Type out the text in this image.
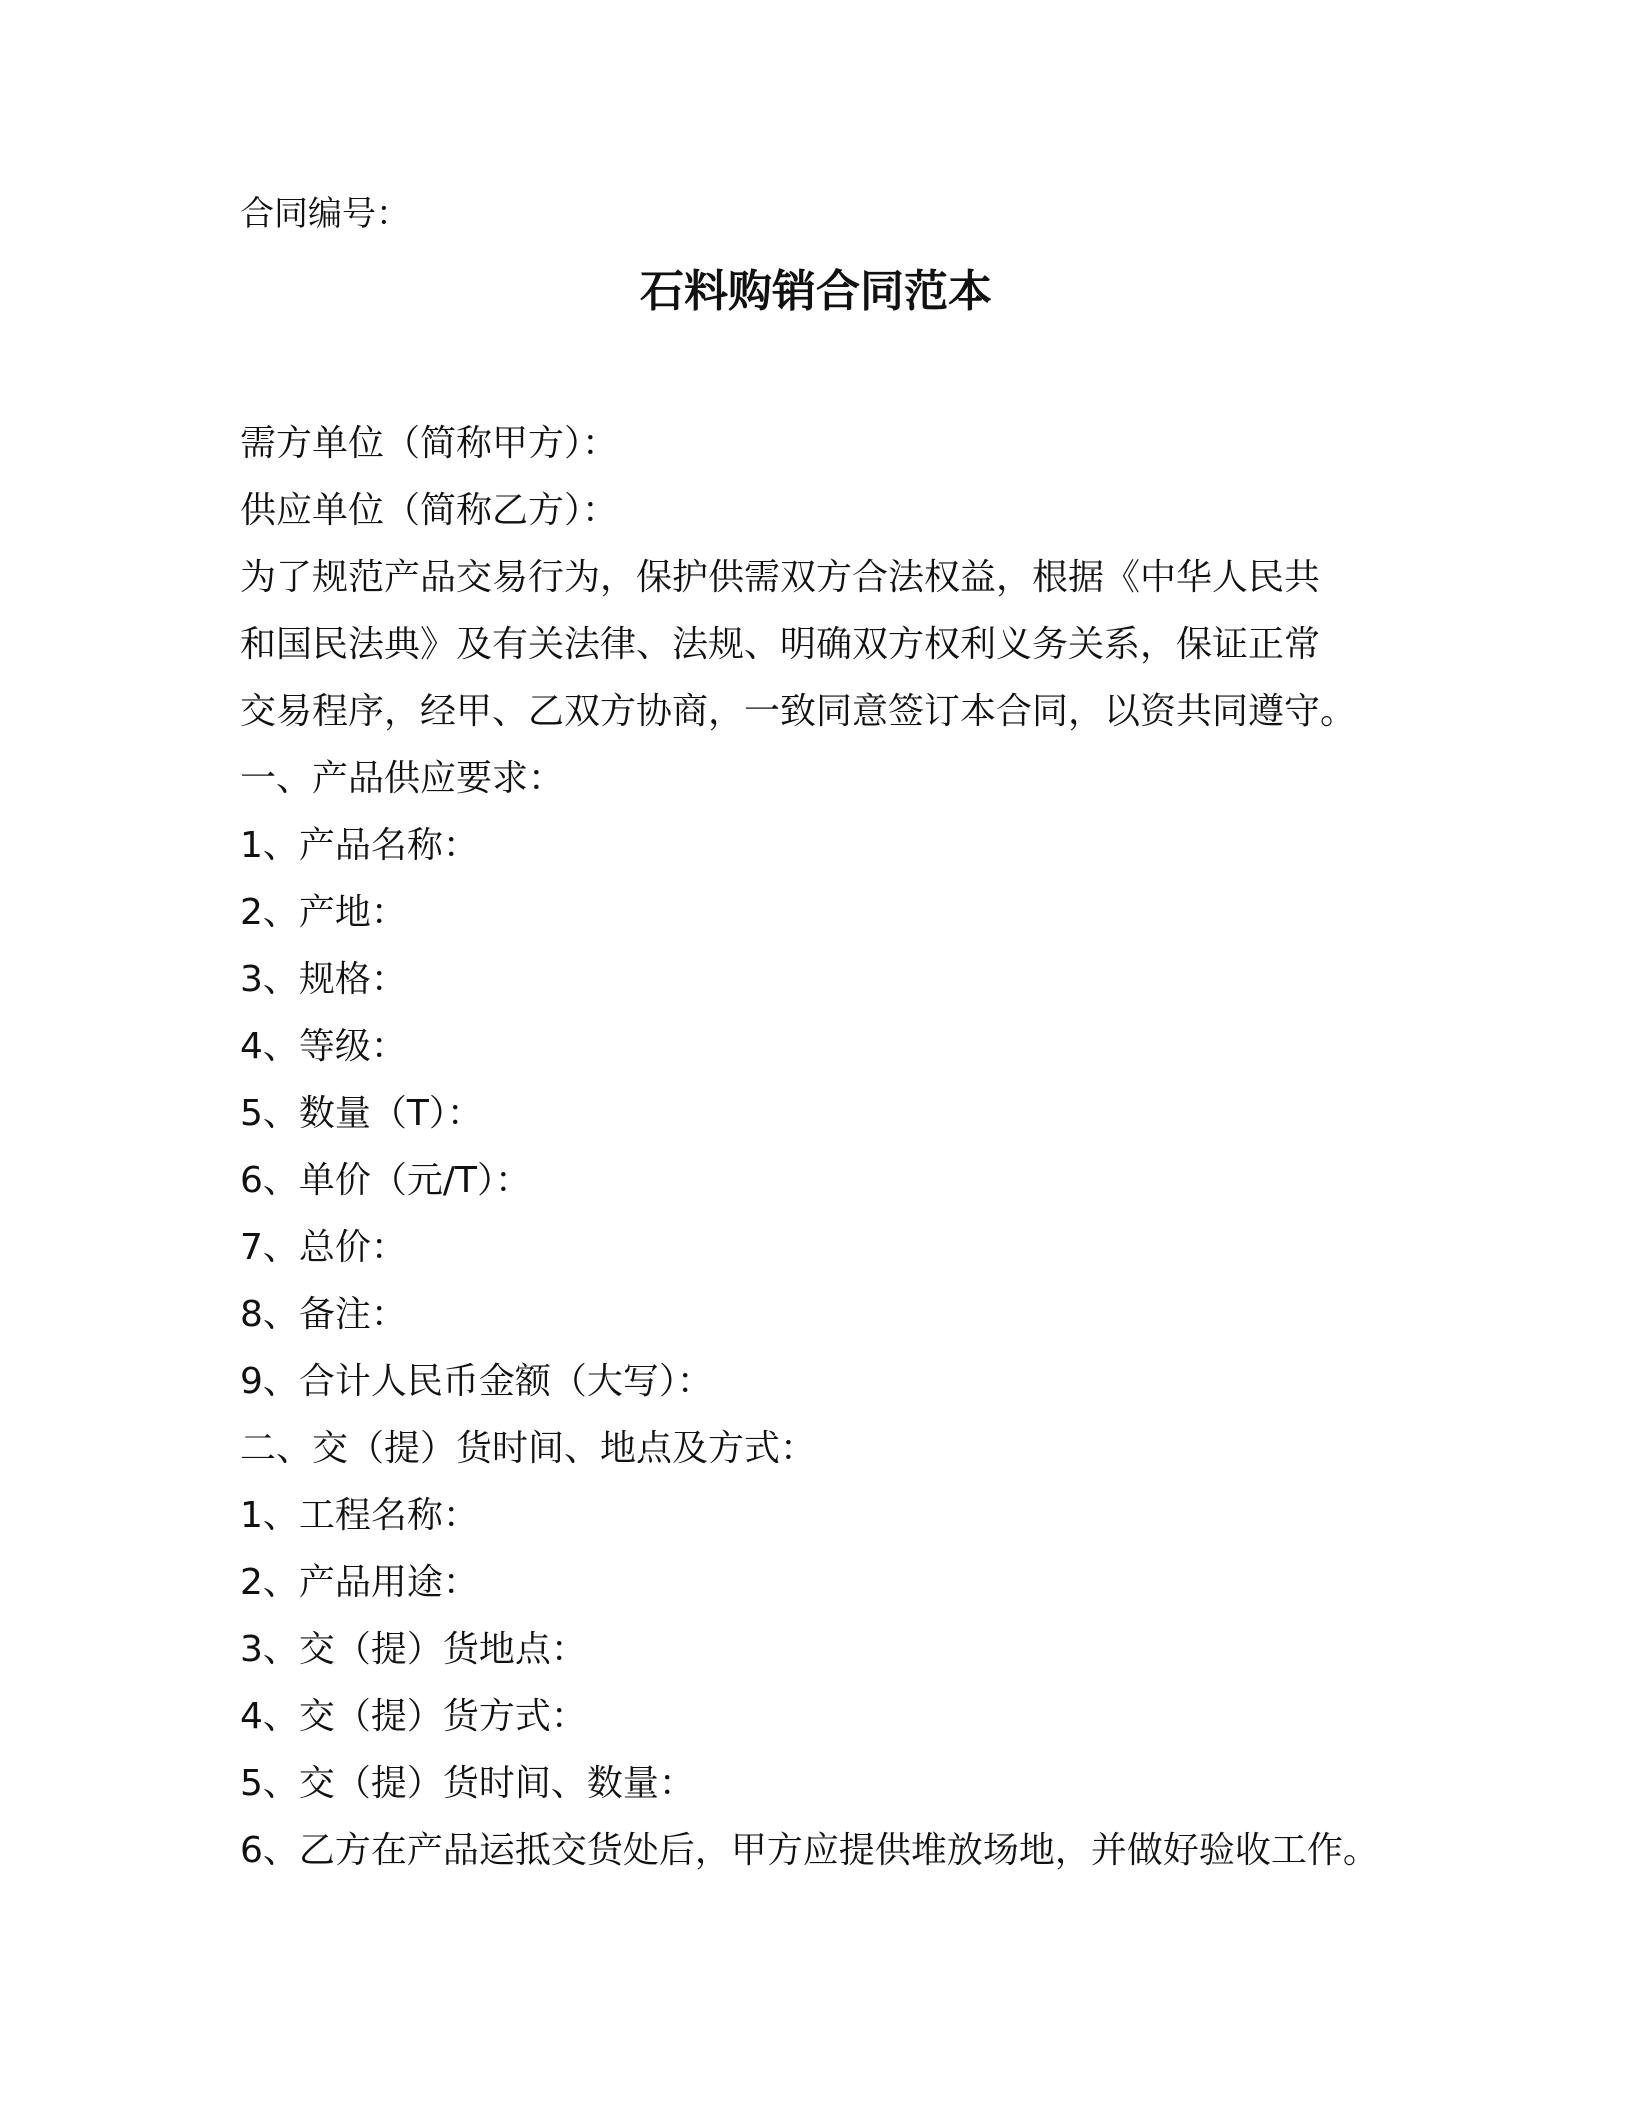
合同编号：
石料购销合同范本
需方单位（简称甲方）：
供应单位（简称乙方）：
为了规范产品交易行为，保护供需双方合法权益，根据《中华人民共
和国民法典》及有关法律、法规、明确双方权利义务关系，保证正常
交易程序，经甲、乙双方协商，一致同意签订本合同，以资共同遵守。
一、产品供应要求：
1、产品名称：
2、产地：
3、规格：
4、等级：
5、数量（T）：
6、单价（元/T）：
7、总价：
8、备注：
9、合计人民币金额（大写）：
二、交（提）货时间、地点及方式：
1、工程名称：
2、产品用途：
3、交（提）货地点：
4、交（提）货方式：
5、交（提）货时间、数量：
6、乙方在产品运抵交货处后，甲方应提供堆放场地，并做好验收工作。
